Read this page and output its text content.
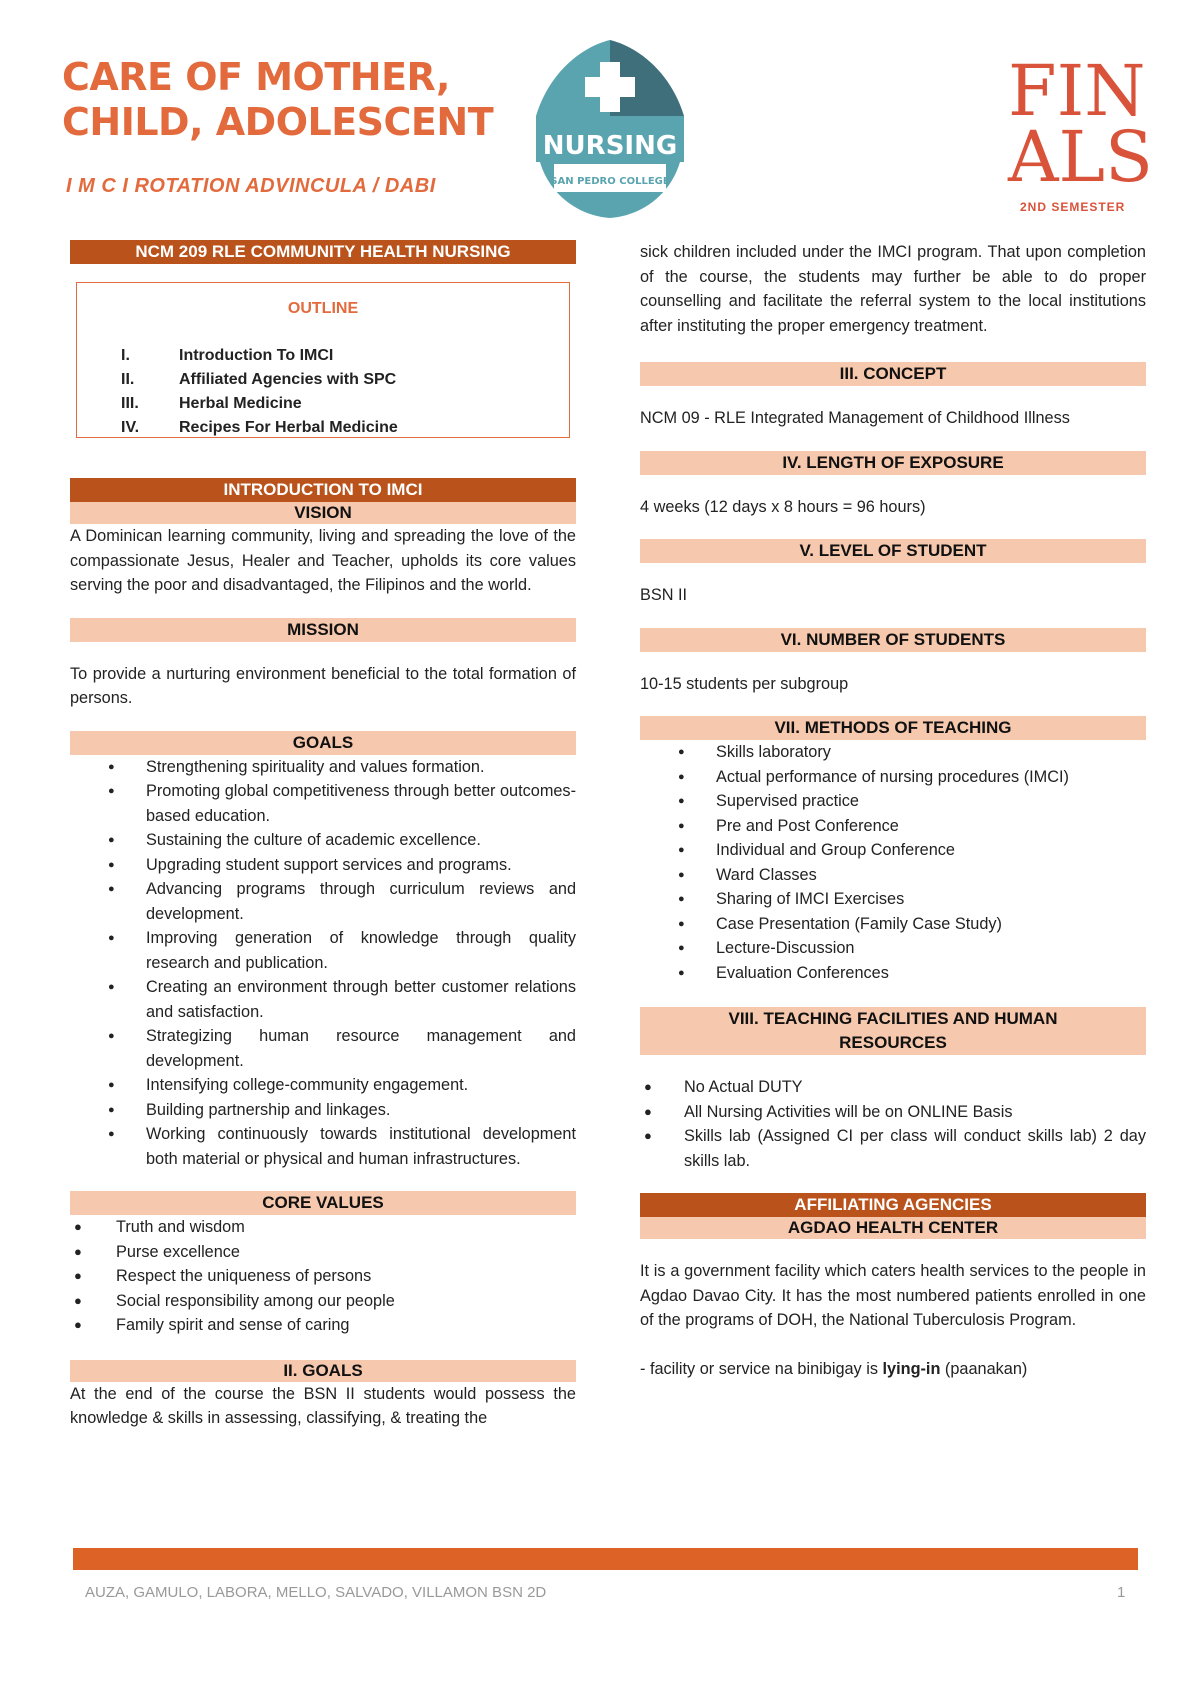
CARE OF MOTHER,
CHILD, ADOLESCENT
I M C I ROTATION ADVINCULA / DABI
NURSING
SAN PEDRO COLLEGE
FIN
ALS
2ND SEMESTER
NCM 209 RLE COMMUNITY HEALTH NURSING
OUTLINE
I.	Introduction To IMCI
II.	Affiliated Agencies with SPC
III.	Herbal Medicine
IV.	Recipes For Herbal Medicine
INTRODUCTION TO IMCI
VISION

A Dominican learning community, living and spreading the love of the compassionate Jesus, Healer and Teacher, upholds its core values serving the poor and disadvantaged, the Filipinos and the world.

MISSION

To provide a nurturing environment beneficial to the total formation of persons.

GOALS
● Strengthening spirituality and values formation.
● Promoting global competitiveness through better outcomes-based education.
● Sustaining the culture of academic excellence.
● Upgrading student support services and programs.
● Advancing programs through curriculum reviews and development.
● Improving generation of knowledge through quality research and publication.
● Creating an environment through better customer relations and satisfaction.
● Strategizing human resource management and development.
● Intensifying college-community engagement.
● Building partnership and linkages.
● Working continuously towards institutional development both material or physical and human infrastructures.
CORE VALUES
● Truth and wisdom
● Purse excellence
● Respect the uniqueness of persons
● Social responsibility among our people
● Family spirit and sense of caring
II. GOALS

At the end of the course the BSN II students would possess the knowledge & skills in assessing, classifying, & treating the

sick children included under the IMCI program. That upon completion of the course, the students may further be able to do proper counselling and facilitate the referral system to the local institutions after instituting the proper emergency treatment.

III. CONCEPT

NCM 09 - RLE Integrated Management of Childhood Illness

IV. LENGTH OF EXPOSURE

4 weeks (12 days x 8 hours = 96 hours)

V. LEVEL OF STUDENT

BSN II

VI. NUMBER OF STUDENTS

10-15 students per subgroup

VII. METHODS OF TEACHING
● Skills laboratory
● Actual performance of nursing procedures (IMCI)
● Supervised practice
● Pre and Post Conference
● Individual and Group Conference
● Ward Classes
● Sharing of IMCI Exercises
● Case Presentation (Family Case Study)
● Lecture-Discussion
● Evaluation Conferences
VIII. TEACHING FACILITIES AND HUMAN
RESOURCES
● No Actual DUTY
● All Nursing Activities will be on ONLINE Basis
● Skills lab (Assigned CI per class will conduct skills lab) 2 day skills lab.
AFFILIATING AGENCIES
AGDAO HEALTH CENTER

It is a government facility which caters health services to the people in Agdao Davao City. It has the most numbered patients enrolled in one of the programs of DOH, the National Tuberculosis Program.

- facility or service na binibigay is lying-in (paanakan)

AUZA, GAMULO, LABORA, MELLO, SALVADO, VILLAMON BSN 2D	1
